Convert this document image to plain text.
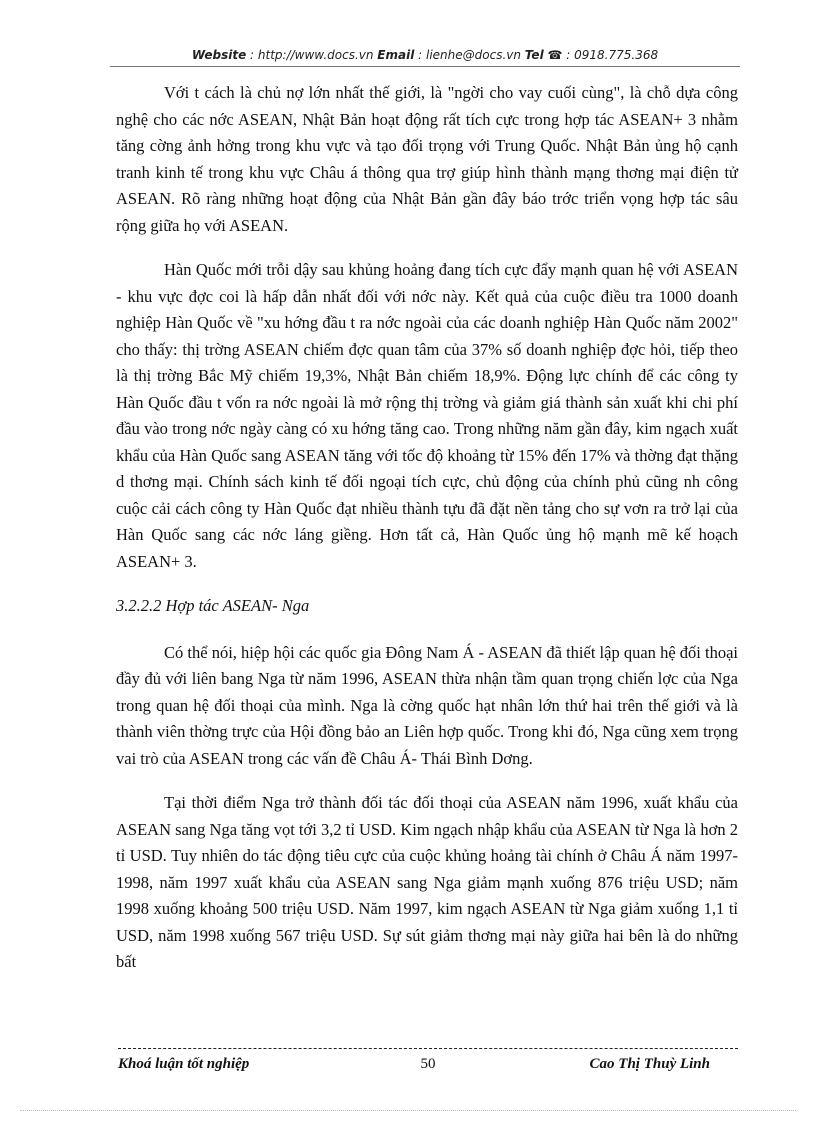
Website : http://www.docs.vn Email : lienhe@docs.vn Tel ☎ : 0918.775.368

Với t cách là chủ nợ lớn nhất thế giới, là "ngời cho vay cuối cùng", là chỗ dựa công nghệ cho các nớc ASEAN, Nhật Bản hoạt động rất tích cực trong hợp tác ASEAN+ 3 nhằm tăng cờng ảnh hởng trong khu vực và tạo đối trọng với Trung Quốc. Nhật Bản ủng hộ cạnh tranh kinh tế trong khu vực Châu á thông qua trợ giúp hình thành mạng thơng mại điện tử ASEAN. Rõ ràng những hoạt động của Nhật Bản gần đây báo trớc triển vọng hợp tác sâu rộng giữa họ với ASEAN.

Hàn Quốc mới trỗi dậy sau khủng hoảng đang tích cực đẩy mạnh quan hệ với ASEAN - khu vực đợc coi là hấp dẫn nhất đối với nớc này. Kết quả của cuộc điều tra 1000 doanh nghiệp Hàn Quốc về "xu hớng đầu t ra nớc ngoài của các doanh nghiệp Hàn Quốc năm 2002" cho thấy: thị trờng ASEAN chiếm đợc quan tâm của 37% số doanh nghiệp đợc hỏi, tiếp theo là thị trờng Bắc Mỹ chiếm 19,3%, Nhật Bản chiếm 18,9%. Động lực chính để các công ty Hàn Quốc đầu t vốn ra nớc ngoài là mở rộng thị trờng và giảm giá thành sản xuất khi chi phí đầu vào trong nớc ngày càng có xu hớng tăng cao. Trong những năm gần đây, kim ngạch xuất khẩu của Hàn Quốc sang ASEAN tăng với tốc độ khoảng từ 15% đến 17% và thờng đạt thặng d thơng mại. Chính sách kinh tế đối ngoại tích cực, chủ động của chính phủ cũng nh công cuộc cải cách công ty Hàn Quốc đạt nhiều thành tựu đã đặt nền tảng cho sự vơn ra trở lại của Hàn Quốc sang các nớc láng giềng. Hơn tất cả, Hàn Quốc ủng hộ mạnh mẽ kế hoạch ASEAN+ 3.

3.2.2.2 Hợp tác ASEAN- Nga

Có thể nói, hiệp hội các quốc gia Đông Nam Á - ASEAN đã thiết lập quan hệ đối thoại đầy đủ với liên bang Nga từ năm 1996, ASEAN thừa nhận tầm quan trọng chiến lợc của Nga trong quan hệ đối thoại của mình. Nga là cờng quốc hạt nhân lớn thứ hai trên thế giới và là thành viên thờng trực của Hội đồng bảo an Liên hợp quốc. Trong khi đó, Nga cũng xem trọng vai trò của ASEAN trong các vấn đề Châu Á- Thái Bình Dơng.

Tại thời điểm Nga trở thành đối tác đối thoại của ASEAN năm 1996, xuất khẩu của ASEAN sang Nga tăng vọt tới 3,2 tỉ USD. Kim ngạch nhập khẩu của ASEAN từ Nga là hơn 2 tỉ USD. Tuy nhiên do tác động tiêu cực của cuộc khủng hoảng tài chính ở Châu Á năm 1997-1998, năm 1997 xuất khẩu của ASEAN sang Nga giảm mạnh xuống 876 triệu USD; năm 1998 xuống khoảng 500 triệu USD. Năm 1997, kim ngạch ASEAN từ Nga giảm xuống 1,1 tỉ USD, năm 1998 xuống 567 triệu USD. Sự sút giảm thơng mại này giữa hai bên là do những bất

Khoá luận tốt nghiệp	50	Cao Thị Thuỳ Linh
